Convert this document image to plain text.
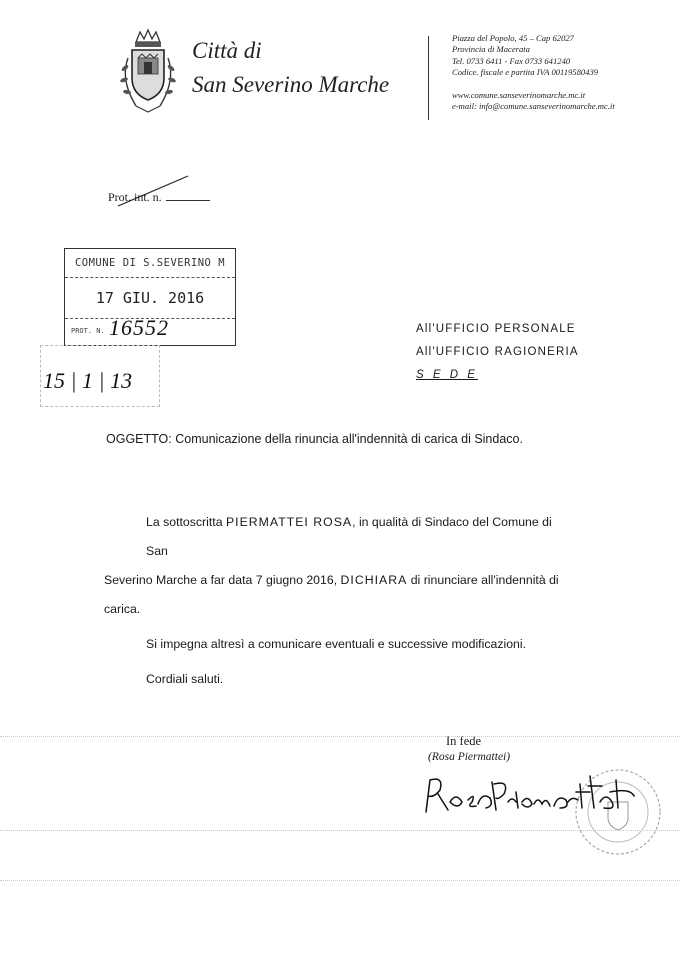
Città di
San Severino Marche
Piazza del Popolo, 45 – Cap 62027
Provincia di Macerata
Tel. 0733 6411 - Fax 0733 641240
Codice. fiscale e partita IVA 00119580439
www.comune.sanseverinomarche.mc.it
e-mail: info@comune.sanseverinomarche.mc.it
Prot. int. n.
COMUNE DI S.SEVERINO M
17 GIU. 2016
PROT. N. 16552
15 | 1 | 13
All'UFFICIO PERSONALE
All'UFFICIO RAGIONERIA
S E D E
OGGETTO: Comunicazione della rinuncia all'indennità di carica di Sindaco.
La sottoscritta PIERMATTEI ROSA, in qualità di Sindaco del Comune di San
Severino Marche a far data 7 giugno 2016, DICHIARA di rinunciare all'indennità di
carica.
Si impegna altresì a comunicare eventuali e successive modificazioni.
Cordiali saluti.
In fede
(Rosa Piermattei)
